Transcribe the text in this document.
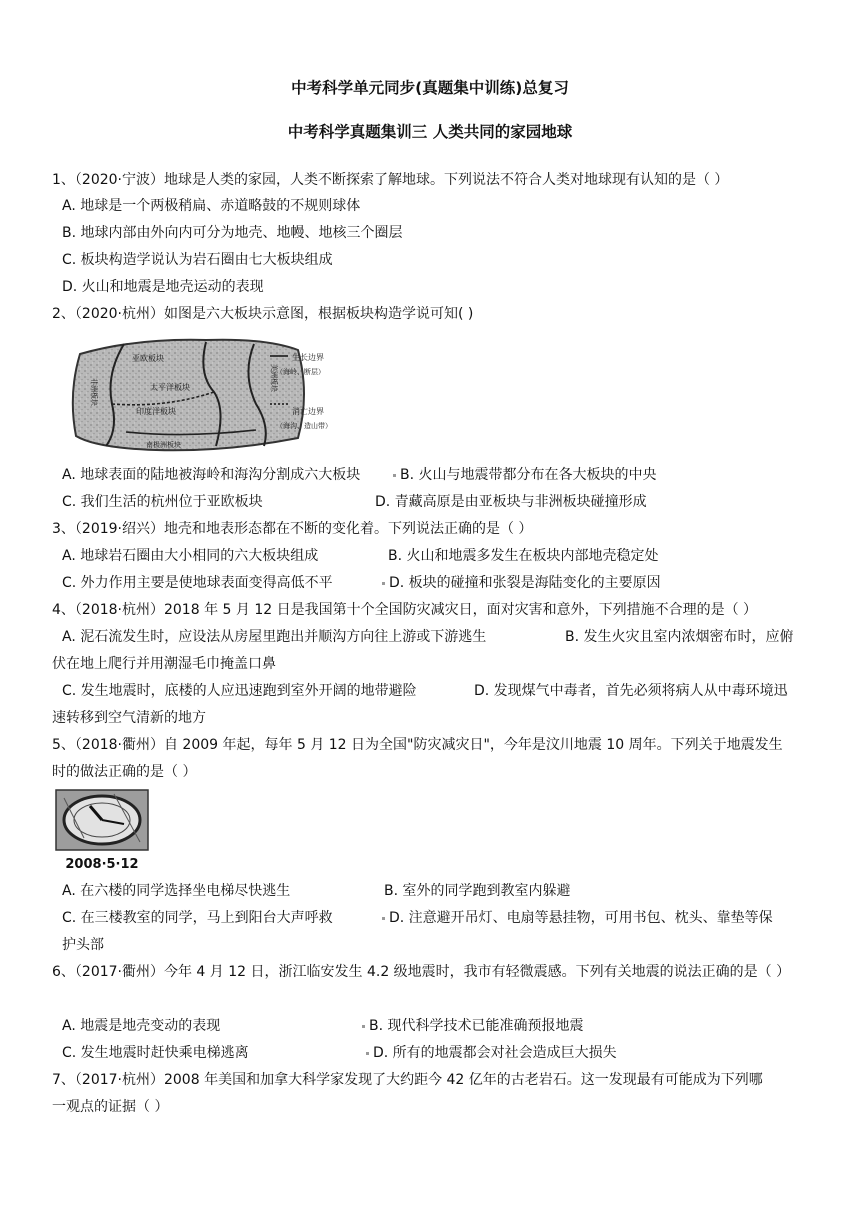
中考科学单元同步(真题集中训练)总复习
中考科学真题集训三 人类共同的家园地球
1、（2020·宁波）地球是人类的家园，人类不断探索了解地球。下列说法不符合人类对地球现有认知的是（ ）
A. 地球是一个两极稍扁、赤道略鼓的不规则球体
B. 地球内部由外向内可分为地壳、地幔、地核三个圈层
C. 板块构造学说认为岩石圈由七大板块组成
D. 火山和地震是地壳运动的表现
2、（2020·杭州）如图是六大板块示意图，根据板块构造学说可知( )
亚欧板块
美洲板块
非洲板块	太平洋板块
印度洋板块
南极洲板块
生长边界
（海岭、断层）
消亡边界
（海沟、造山带）
A. 地球表面的陆地被海岭和海沟分割成六大板块	B. 火山与地震带都分布在各大板块的中央
C. 我们生活的杭州位于亚欧板块	D. 青藏高原是由亚板块与非洲板块碰撞形成
3、（2019·绍兴）地壳和地表形态都在不断的变化着。下列说法正确的是（ ）
A. 地球岩石圈由大小相同的六大板块组成	B. 火山和地震多发生在板块内部地壳稳定处
C. 外力作用主要是使地球表面变得高低不平	D. 板块的碰撞和张裂是海陆变化的主要原因
4、（2018·杭州）2018 年 5 月 12 日是我国第十个全国防灾减灾日，面对灾害和意外，下列措施不合理的是（ ）
A. 泥石流发生时，应设法从房屋里跑出并顺沟方向往上游或下游逃生	B. 发生火灾且室内浓烟密布时，应俯
伏在地上爬行并用潮湿毛巾掩盖口鼻
C. 发生地震时，底楼的人应迅速跑到室外开阔的地带避险	D. 发现煤气中毒者，首先必须将病人从中毒环境迅
速转移到空气清新的地方
5、（2018·衢州）自 2009 年起，每年 5 月 12 日为全国"防灾减灾日"，今年是汶川地震 10 周年。下列关于地震发生
时的做法正确的是（ ）
2008·5·12
A. 在六楼的同学选择坐电梯尽快逃生	B. 室外的同学跑到教室内躲避
C. 在三楼教室的同学，马上到阳台大声呼救	D. 注意避开吊灯、电扇等悬挂物，可用书包、枕头、靠垫等保
护头部
6、（2017·衢州）今年 4 月 12 日，浙江临安发生 4.2 级地震时，我市有轻微震感。下列有关地震的说法正确的是（ ）
A. 地震是地壳变动的表现	B. 现代科学技术已能准确预报地震
C. 发生地震时赶快乘电梯逃离	D. 所有的地震都会对社会造成巨大损失
7、（2017·杭州）2008 年美国和加拿大科学家发现了大约距今 42 亿年的古老岩石。这一发现最有可能成为下列哪
一观点的证据（ ）
